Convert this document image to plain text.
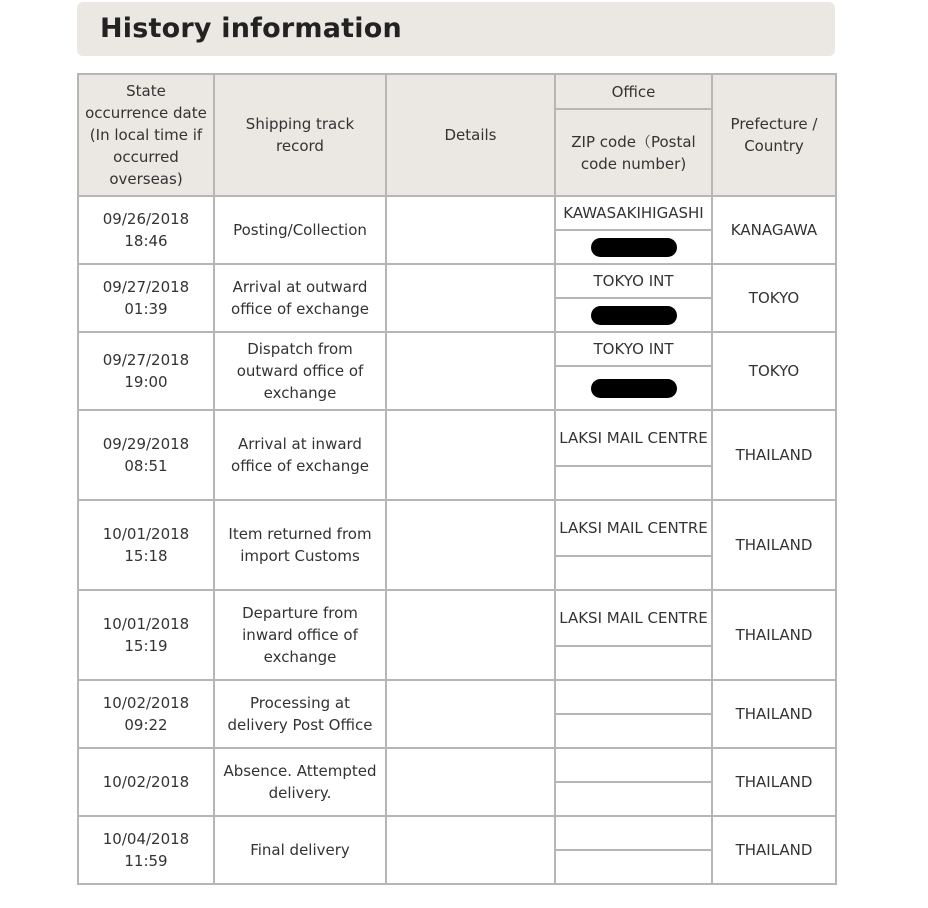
History information
State occurrence date (In local time if occurred overseas)	Shipping track record	Details	Office	Prefecture / Country
			ZIP code（Postal code number)	

09/26/2018
18:46	Posting/Collection		KAWASAKIHIGASHI	KANAGAWA

09/27/2018
01:39	Arrival at outward office of exchange		TOKYO INT	TOKYO

09/27/2018
19:00	Dispatch from outward office of exchange		TOKYO INT	TOKYO

09/29/2018
08:51	Arrival at inward office of exchange		LAKSI MAIL CENTRE	THAILAND

10/01/2018
15:18	Item returned from import Customs		LAKSI MAIL CENTRE	THAILAND

10/01/2018
15:19	Departure from inward office of exchange		LAKSI MAIL CENTRE	THAILAND

10/02/2018
09:22	Processing at delivery Post Office			THAILAND

10/02/2018	Absence. Attempted delivery.			THAILAND

10/04/2018
11:59	Final delivery			THAILAND
